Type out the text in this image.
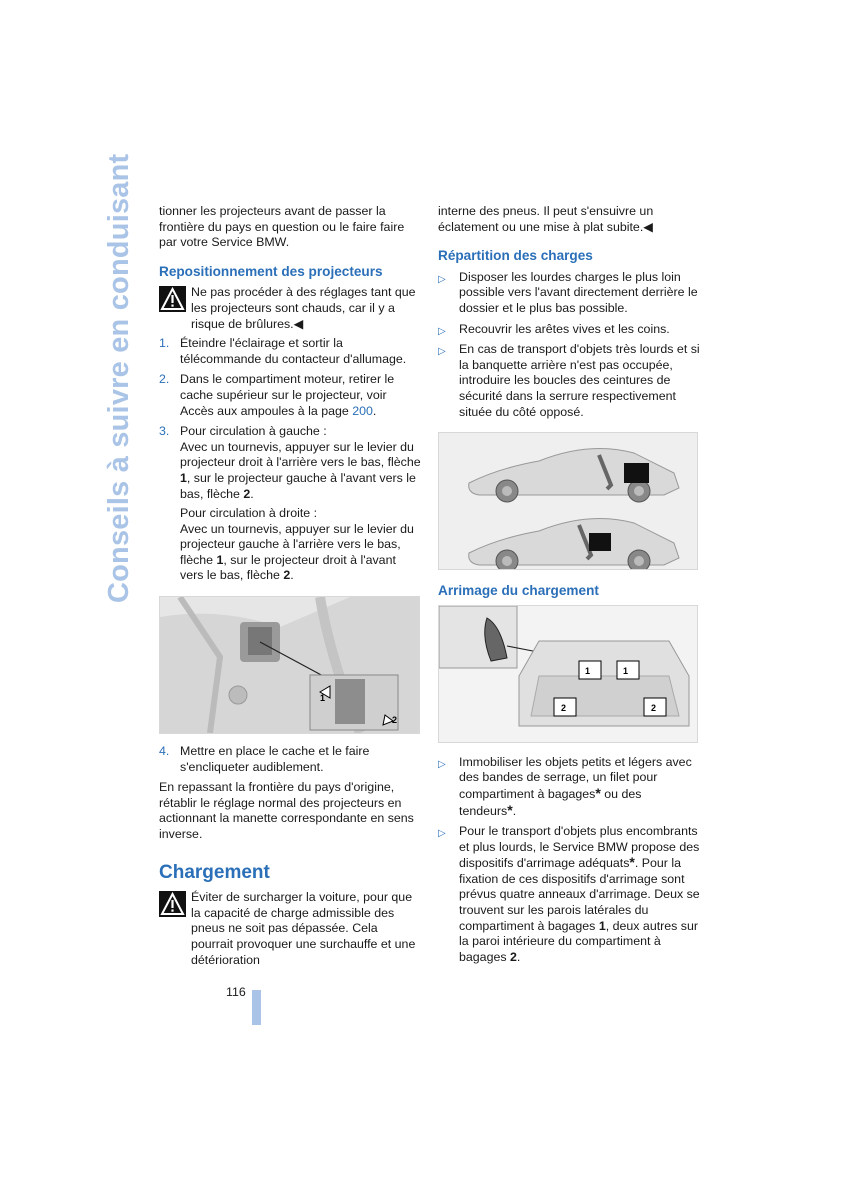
Conseils à suivre en conduisant tionner les projecteurs avant de passer la frontière du pays en question ou le faire faire par votre Service BMW.

Repositionnement des projecteurs
Ne pas procéder à des réglages tant que les projecteurs sont chauds, car il y a risque de brûlures.◀
1. Éteindre l'éclairage et sortir la télécommande du contacteur d'allumage.
2. Dans le compartiment moteur, retirer le cache supérieur sur le projecteur, voir Accès aux ampoules à la page 200.
3. Pour circulation à gauche :
Avec un tournevis, appuyer sur le levier du projecteur droit à l'arrière vers le bas, flèche 1, sur le projecteur gauche à l'avant vers le bas, flèche 2.
Pour circulation à droite :
Avec un tournevis, appuyer sur le levier du projecteur gauche à l'arrière vers le bas, flèche 1, sur le projecteur droit à l'avant vers le bas, flèche 2.
1
2
4. Mettre en place le cache et le faire s'encliqueter audiblement.

En repassant la frontière du pays d'origine, rétablir le réglage normal des projecteurs en actionnant la manette correspondante en sens inverse.

Chargement
Éviter de surcharger la voiture, pour que la capacité de charge admissible des pneus ne soit pas dépassée. Cela pourrait provoquer une surchauffe et une détérioration

interne des pneus. Il peut s'ensuivre un éclatement ou une mise à plat subite.◀

Répartition des charges
▷ Disposer les lourdes charges le plus loin possible vers l'avant directement derrière le dossier et le plus bas possible.
▷ Recouvrir les arêtes vives et les coins.
▷ En cas de transport d'objets très lourds et si la banquette arrière n'est pas occupée, introduire les boucles des ceintures de sécurité dans la serrure respectivement située du côté opposé.
Arrimage du chargement
1	1
2	2
▷ Immobiliser les objets petits et légers avec des bandes de serrage, un filet pour compartiment à bagages* ou des tendeurs*.
▷ Pour le transport d'objets plus encombrants et plus lourds, le Service BMW propose des dispositifs d'arrimage adéquats*. Pour la fixation de ces dispositifs d'arrimage sont prévus quatre anneaux d'arrimage. Deux se trouvent sur les parois latérales du compartiment à bagages 1, deux autres sur la paroi intérieure du compartiment à bagages 2.
116
